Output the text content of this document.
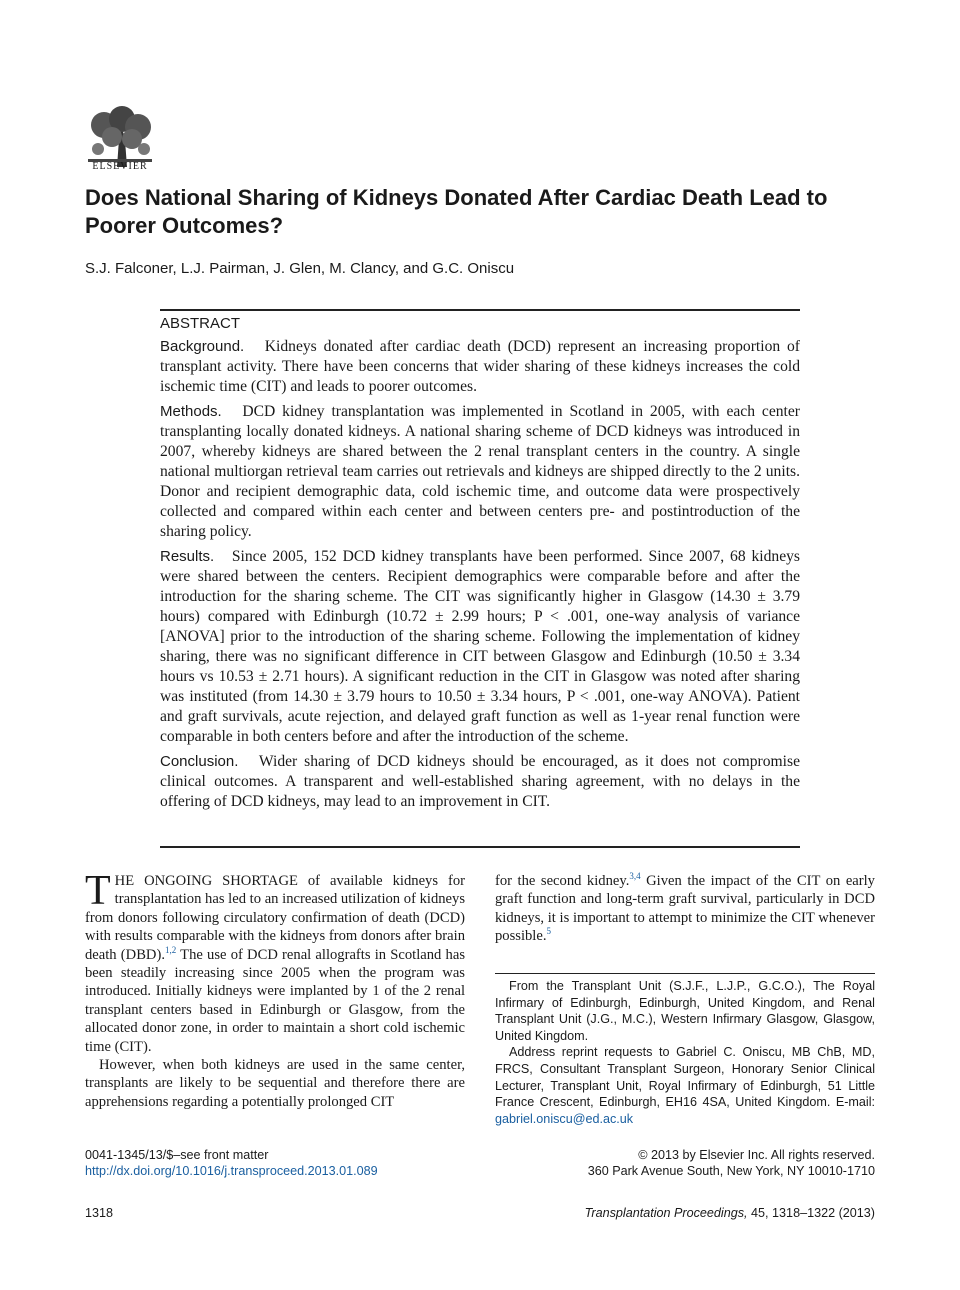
ELSEVIER
Does National Sharing of Kidneys Donated After Cardiac Death Lead to Poorer Outcomes?
S.J. Falconer, L.J. Pairman, J. Glen, M. Clancy, and G.C. Oniscu
ABSTRACT

Background. Kidneys donated after cardiac death (DCD) represent an increasing proportion of transplant activity. There have been concerns that wider sharing of these kidneys increases the cold ischemic time (CIT) and leads to poorer outcomes.

Methods. DCD kidney transplantation was implemented in Scotland in 2005, with each center transplanting locally donated kidneys. A national sharing scheme of DCD kidneys was introduced in 2007, whereby kidneys are shared between the 2 renal transplant centers in the country. A single national multiorgan retrieval team carries out retrievals and kidneys are shipped directly to the 2 units. Donor and recipient demographic data, cold ischemic time, and outcome data were prospectively collected and compared within each center and between centers pre- and postintroduction of the sharing policy.

Results. Since 2005, 152 DCD kidney transplants have been performed. Since 2007, 68 kidneys were shared between the centers. Recipient demographics were comparable before and after the introduction for the sharing scheme. The CIT was significantly higher in Glasgow (14.30 ± 3.79 hours) compared with Edinburgh (10.72 ± 2.99 hours; P < .001, one-way analysis of variance [ANOVA] prior to the introduction of the sharing scheme. Following the implementation of kidney sharing, there was no significant difference in CIT between Glasgow and Edinburgh (10.50 ± 3.34 hours vs 10.53 ± 2.71 hours). A significant reduction in the CIT in Glasgow was noted after sharing was instituted (from 14.30 ± 3.79 hours to 10.50 ± 3.34 hours, P < .001, one-way ANOVA). Patient and graft survivals, acute rejection, and delayed graft function as well as 1-year renal function were comparable in both centers before and after the introduction of the scheme.

Conclusion. Wider sharing of DCD kidneys should be encouraged, as it does not compromise clinical outcomes. A transparent and well-established sharing agreement, with no delays in the offering of DCD kidneys, may lead to an improvement in CIT.

THE ONGOING SHORTAGE of available kidneys for transplantation has led to an increased utilization of kidneys from donors following circulatory confirmation of death (DCD) with results comparable with the kidneys from donors after brain death (DBD).$^{1,2}$ The use of DCD renal allografts in Scotland has been steadily increasing since 2005 when the program was introduced. Initially kidneys were implanted by 1 of the 2 renal transplant centers based in Edinburgh or Glasgow, from the allocated donor zone, in order to maintain a short cold ischemic time (CIT).

However, when both kidneys are used in the same center, transplants are likely to be sequential and therefore there are apprehensions regarding a potentially prolonged CIT

for the second kidney.$^{3,4}$ Given the impact of the CIT on early graft function and long-term graft survival, particularly in DCD kidneys, it is important to attempt to minimize the CIT whenever possible.$^5$

From the Transplant Unit (S.J.F., L.J.P., G.C.O.), The Royal Infirmary of Edinburgh, Edinburgh, United Kingdom, and Renal Transplant Unit (J.G., M.C.), Western Infirmary Glasgow, Glasgow, United Kingdom.

Address reprint requests to Gabriel C. Oniscu, MB ChB, MD, FRCS, Consultant Transplant Surgeon, Honorary Senior Clinical Lecturer, Transplant Unit, Royal Infirmary of Edinburgh, 51 Little France Crescent, Edinburgh, EH16 4SA, United Kingdom. E-mail: gabriel.oniscu@ed.ac.uk

0041-1345/13/$–see front matter
http://dx.doi.org/10.1016/j.transproceed.2013.01.089
© 2013 by Elsevier Inc. All rights reserved.
360 Park Avenue South, New York, NY 10010-1710
1318	Transplantation Proceedings, 45, 1318–1322 (2013)
